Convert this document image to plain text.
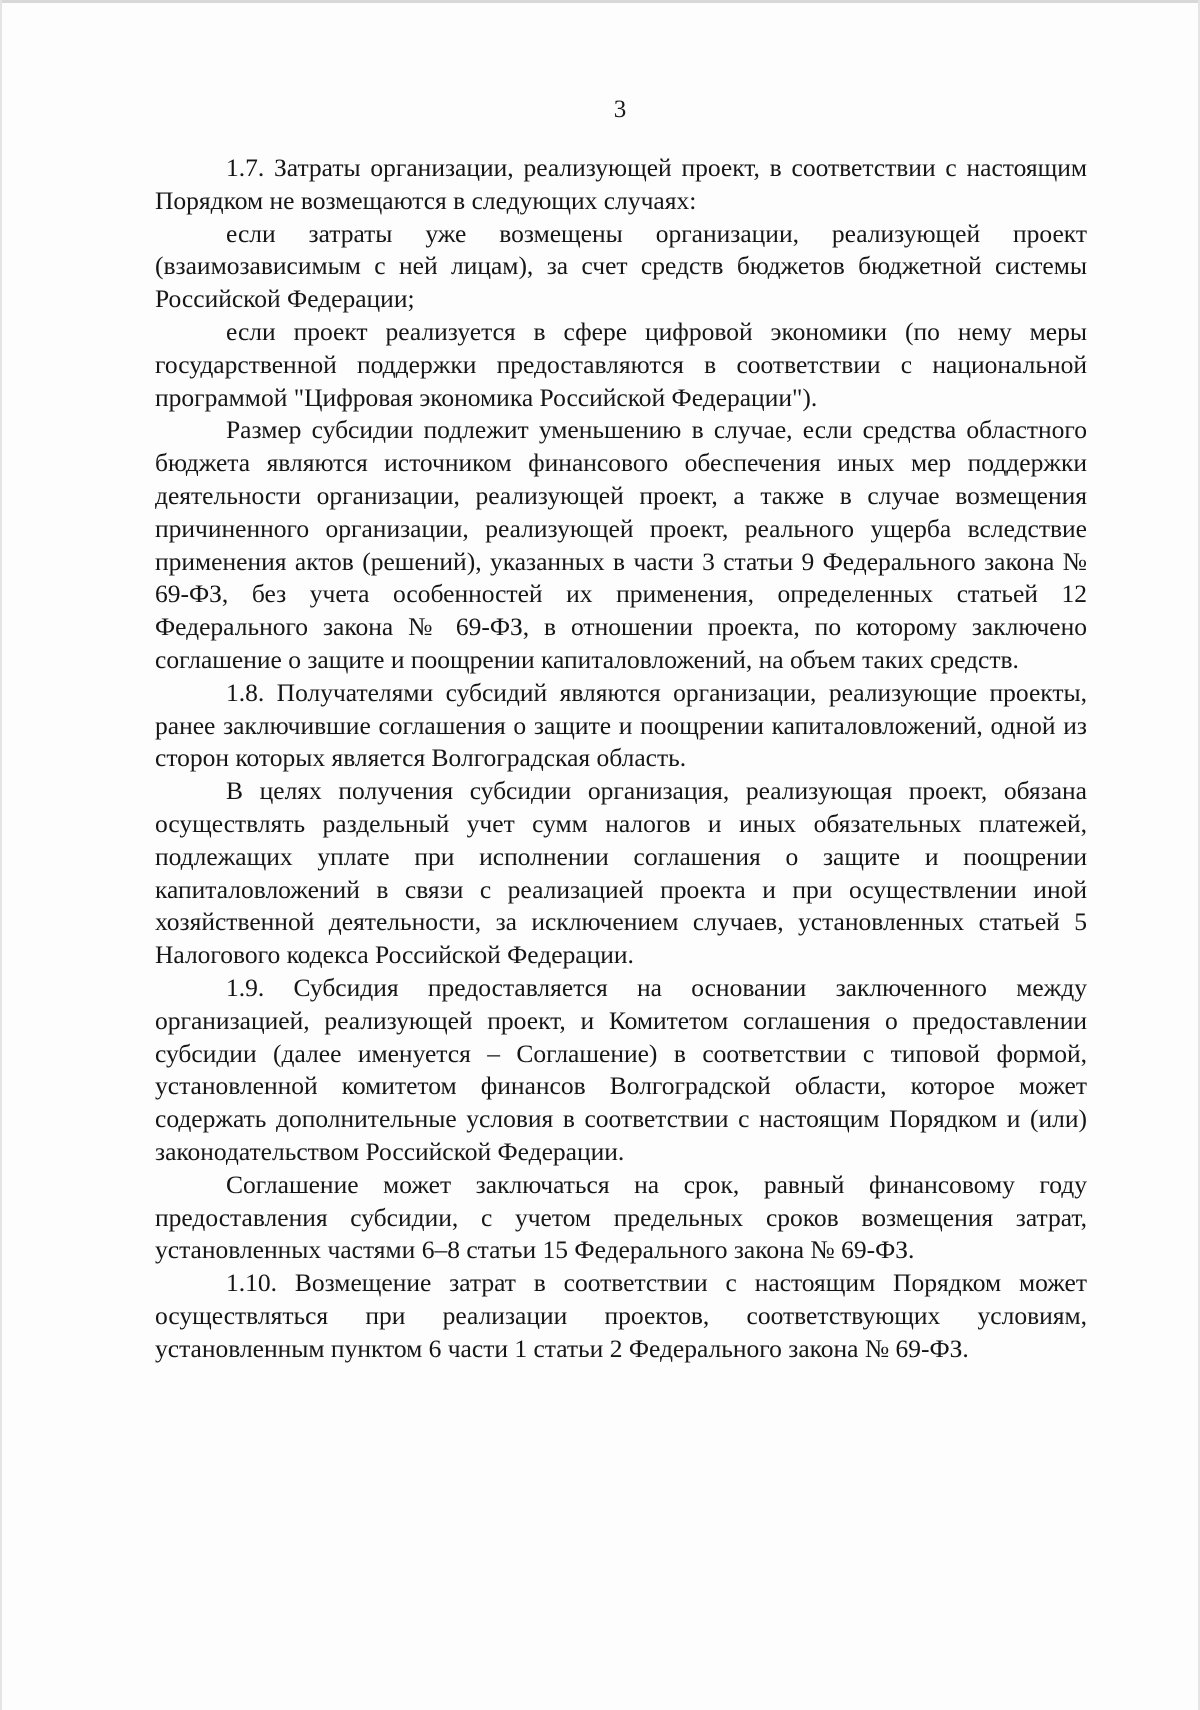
3

1.7. Затраты организации, реализующей проект, в соответствии с настоящим Порядком не возмещаются в следующих случаях:

если затраты уже возмещены организации, реализующей проект (взаимозависимым с ней лицам), за счет средств бюджетов бюджетной системы Российской Федерации;

если проект реализуется в сфере цифровой экономики (по нему меры государственной поддержки предоставляются в соответствии с национальной программой "Цифровая экономика Российской Федерации").

Размер субсидии подлежит уменьшению в случае, если средства областного бюджета являются источником финансового обеспечения иных мер поддержки деятельности организации, реализующей проект, а также в случае возмещения причиненного организации, реализующей проект, реального ущерба вследствие применения актов (решений), указанных в части 3 статьи 9 Федерального закона № 69-ФЗ, без учета особенностей их применения, определенных статьей 12 Федерального закона № 69-ФЗ, в отношении проекта, по которому заключено соглашение о защите и поощрении капиталовложений, на объем таких средств.

1.8. Получателями субсидий являются организации, реализующие проекты, ранее заключившие соглашения о защите и поощрении капиталовложений, одной из сторон которых является Волгоградская область.

В целях получения субсидии организация, реализующая проект, обязана осуществлять раздельный учет сумм налогов и иных обязательных платежей, подлежащих уплате при исполнении соглашения о защите и поощрении капиталовложений в связи с реализацией проекта и при осуществлении иной хозяйственной деятельности, за исключением случаев, установленных статьей 5 Налогового кодекса Российской Федерации.

1.9. Субсидия предоставляется на основании заключенного между организацией, реализующей проект, и Комитетом соглашения о предоставлении субсидии (далее именуется – Соглашение) в соответствии с типовой формой, установленной комитетом финансов Волгоградской области, которое может содержать дополнительные условия в соответствии с настоящим Порядком и (или) законодательством Российской Федерации.

Соглашение может заключаться на срок, равный финансовому году предоставления субсидии, с учетом предельных сроков возмещения затрат, установленных частями 6–8 статьи 15 Федерального закона № 69-ФЗ.

1.10. Возмещение затрат в соответствии с настоящим Порядком может осуществляться при реализации проектов, соответствующих условиям, установленным пунктом 6 части 1 статьи 2 Федерального закона № 69-ФЗ.
